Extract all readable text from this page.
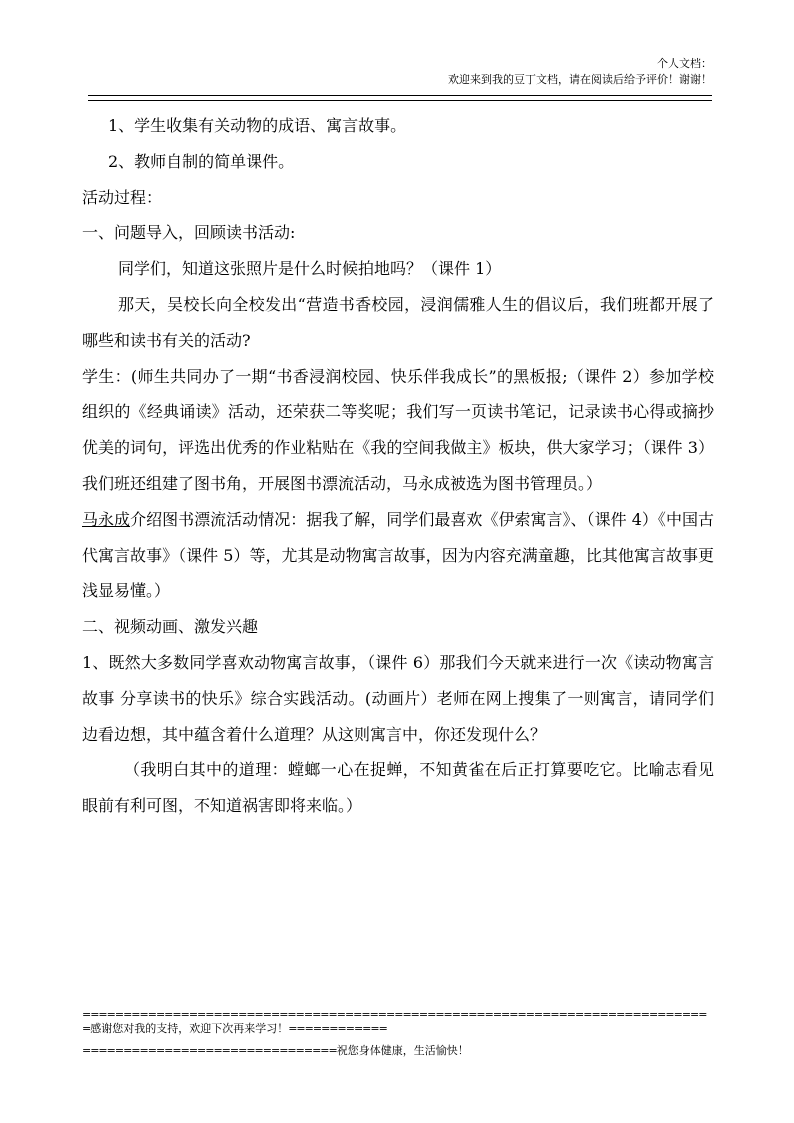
个人文档：
欢迎来到我的豆丁文档，请在阅读后给予评价！谢谢！

1、学生收集有关动物的成语、寓言故事。

2、教师自制的简单课件。

活动过程：

一、问题导入，回顾读书活动:

同学们，知道这张照片是什么时候拍地吗？（课件 1）

那天，吴校长向全校发出“营造书香校园，浸润儒雅人生的倡议后，我们班都开展了哪些和读书有关的活动?

学生：(师生共同办了一期“书香浸润校园、快乐伴我成长”的黑板报;（课件 2）参加学校组织的《经典诵读》活动，还荣获二等奖呢；我们写一页读书笔记，记录读书心得或摘抄优美的词句，评选出优秀的作业粘贴在《我的空间我做主》板块，供大家学习；（课件 3）我们班还组建了图书角，开展图书漂流活动，马永成被选为图书管理员。）

马永成介绍图书漂流活动情况：据我了解，同学们最喜欢《伊索寓言》、（课件 4）《中国古代寓言故事》（课件 5）等，尤其是动物寓言故事，因为内容充满童趣，比其他寓言故事更浅显易懂。）

二、视频动画、激发兴趣

1、既然大多数同学喜欢动物寓言故事，（课件 6）那我们今天就来进行一次《读动物寓言故事 分享读书的快乐》综合实践活动。(动画片）老师在网上搜集了一则寓言，请同学们边看边想，其中蕴含着什么道理？从这则寓言中，你还发现什么？

（我明白其中的道理：螳螂一心在捉蝉，不知黄雀在后正打算要吃它。比喻志看见眼前有利可图，不知道祸害即将来临。）

=============================================================================感谢您对我的支持，欢迎下次再来学习！============

===============================祝您身体健康，生活愉快！
